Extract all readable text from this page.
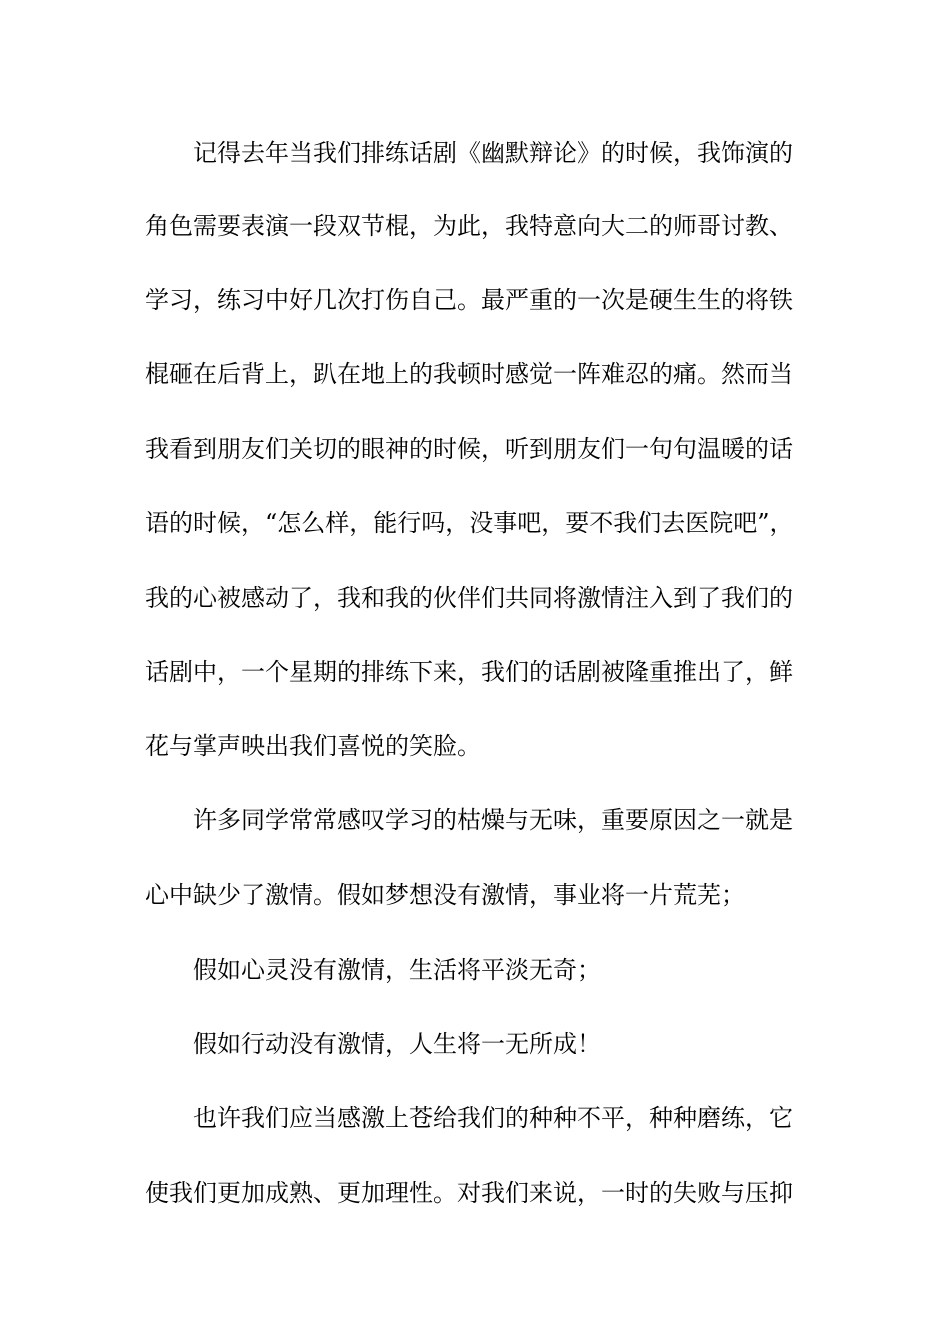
记得去年当我们排练话剧《幽默辩论》的时候，我饰演的
角色需要表演一段双节棍，为此，我特意向大二的师哥讨教、
学习，练习中好几次打伤自己。最严重的一次是硬生生的将铁
棍砸在后背上，趴在地上的我顿时感觉一阵难忍的痛。然而当
我看到朋友们关切的眼神的时候，听到朋友们一句句温暖的话
语的时候，“怎么样，能行吗，没事吧，要不我们去医院吧”，
我的心被感动了，我和我的伙伴们共同将激情注入到了我们的
话剧中，一个星期的排练下来，我们的话剧被隆重推出了，鲜
花与掌声映出我们喜悦的笑脸。
许多同学常常感叹学习的枯燥与无味，重要原因之一就是
心中缺少了激情。假如梦想没有激情，事业将一片荒芜；
假如心灵没有激情，生活将平淡无奇；
假如行动没有激情，人生将一无所成！
也许我们应当感激上苍给我们的种种不平，种种磨练，它
使我们更加成熟、更加理性。对我们来说，一时的失败与压抑
